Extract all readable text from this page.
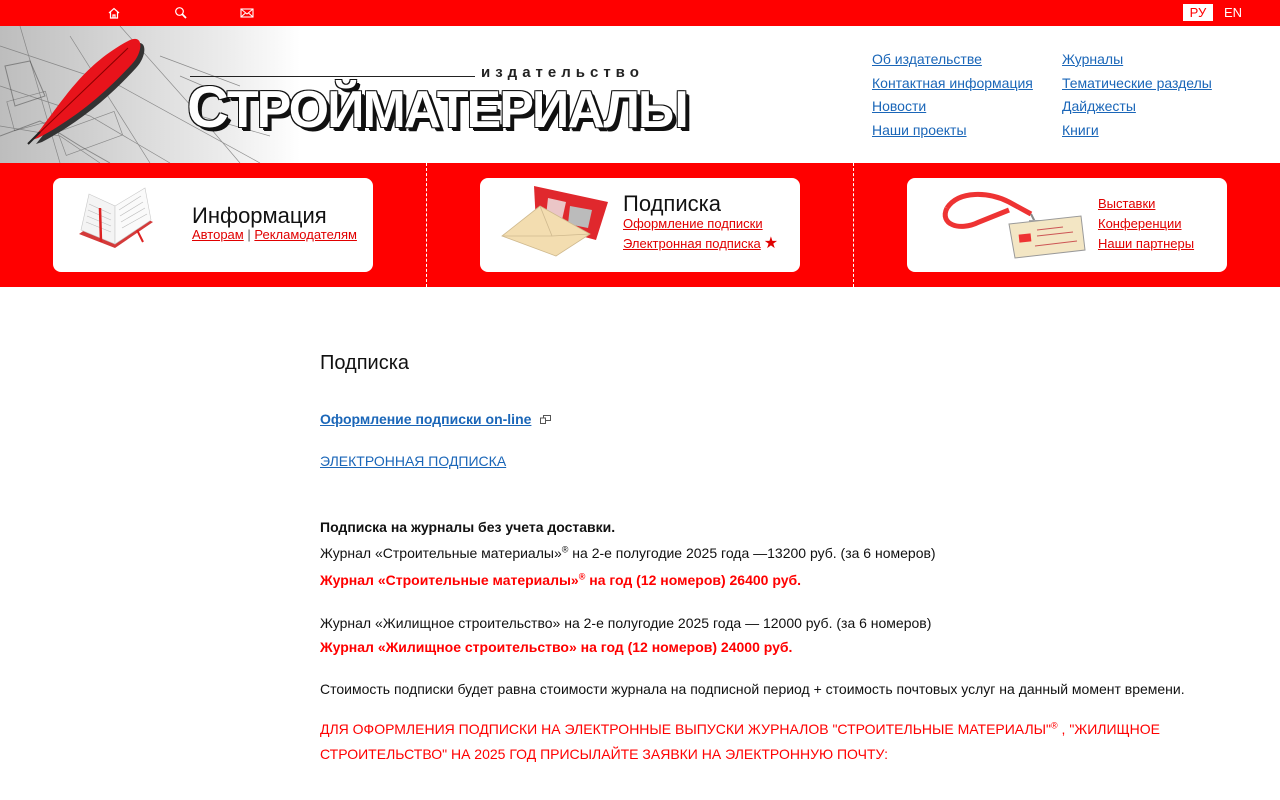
РУ	EN
издательство
СТРОЙМАТЕРИАЛЫ
Об издательстве
Контактная информация
Новости
Наши проекты
Журналы
Тематические разделы
Дайджесты
Книги
Информация
Авторам | Рекламодателям
Подписка
Оформление подписки
Электронная подписка ★
Выставки
Конференции
Наши партнеры
Подписка
Оформление подписки on-line
ЭЛЕКТРОННАЯ ПОДПИСКА
Подписка на журналы без учета доставки.
Журнал «Строительные материалы»® на 2-е полугодие 2025 года —13200 руб. (за 6 номеров)
Журнал «Строительные материалы»® на год (12 номеров) 26400 руб.
Журнал «Жилищное строительство» на 2-е полугодие 2025 года — 12000 руб. (за 6 номеров)
Журнал «Жилищное строительство» на год (12 номеров) 24000 руб.
Стоимость подписки будет равна стоимости журнала на подписной период + стоимость почтовых услуг на данный момент времени.
ДЛЯ ОФОРМЛЕНИЯ ПОДПИСКИ НА ЭЛЕКТРОННЫЕ ВЫПУСКИ ЖУРНАЛОВ "СТРОИТЕЛЬНЫЕ МАТЕРИАЛЫ"® , "ЖИЛИЩНОЕ
СТРОИТЕЛЬСТВО" НА 2025 ГОД ПРИСЫЛАЙТЕ ЗАЯВКИ НА ЭЛЕКТРОННУЮ ПОЧТУ:
